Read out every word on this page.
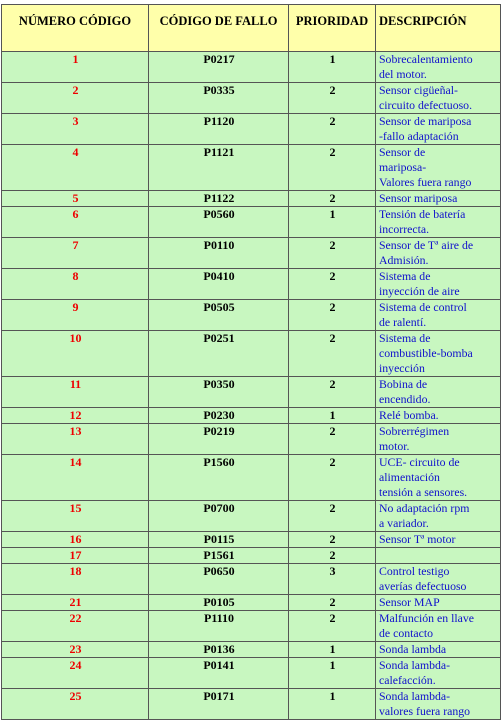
NÚMERO CÓDIGO	CÓDIGO DE FALLO	PRIORIDAD	DESCRIPCIÓN
1	P0217	1	Sobrecalentamiento
del motor.

2	P0335	2	Sensor cigüeñal-
circuito defectuoso.

3	P1120	2	Sensor de mariposa
-fallo adaptación

4	P1121	2	Sensor de
mariposa-
Valores fuera rango

5	P1122	2	Sensor mariposa

6	P0560	1	Tensión de batería
incorrecta.

7	P0110	2	Sensor de Tª aire de
Admisión.

8	P0410	2	Sistema de
inyección de aire

9	P0505	2	Sistema de control
de ralentí.

10	P0251	2	Sistema de
combustible-bomba
inyección

11	P0350	2	Bobina de
encendido.

12	P0230	1	Relé bomba.

13	P0219	2	Sobrerrégimen
motor.

14	P1560	2	UCE- circuito de
alimentación
tensión a sensores.

15	P0700	2	No adaptación rpm
a variador.

16	P0115	2	Sensor Tª motor

17	P1561	2	

18	P0650	3	Control testigo
averías defectuoso

21	P0105	2	Sensor MAP

22	P1110	2	Malfunción en llave
de contacto

23	P0136	1	Sonda lambda

24	P0141	1	Sonda lambda-
calefacción.

25	P0171	1	Sonda lambda-
valores fuera rango
